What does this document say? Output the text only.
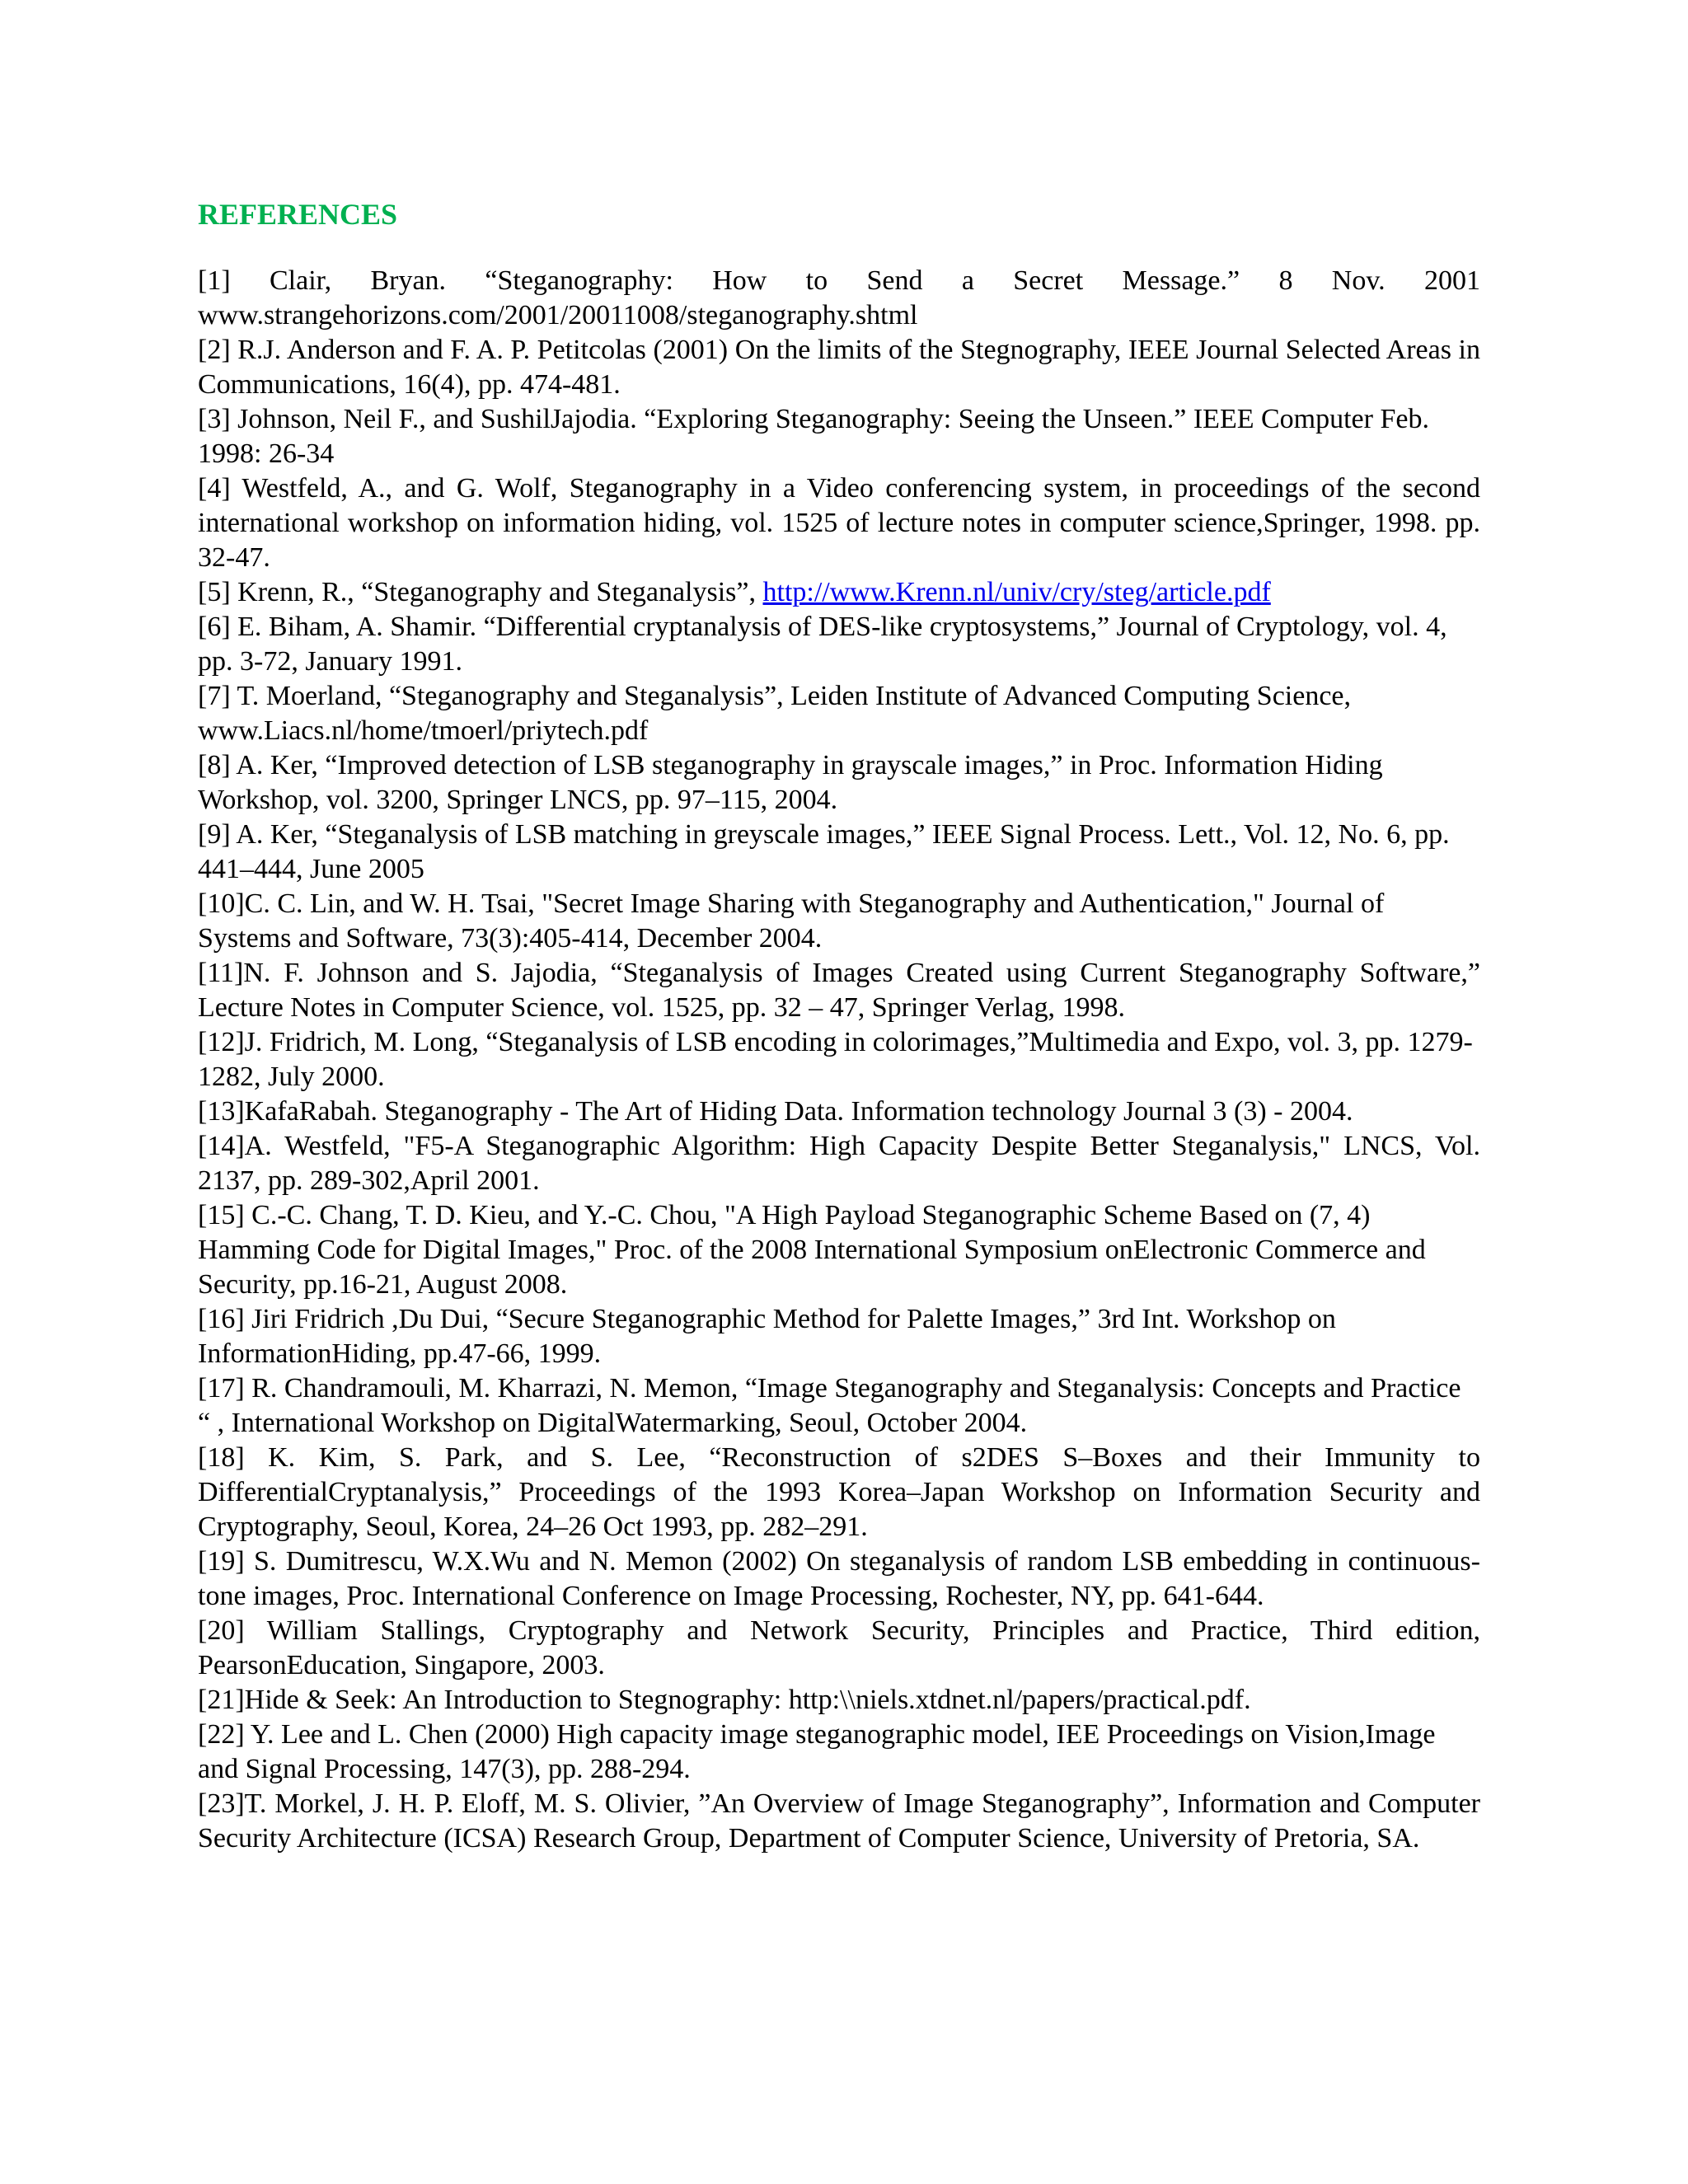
REFERENCES

[1] Clair, Bryan. “Steganography: How to Send a Secret Message.” 8 Nov. 2001 www.strangehorizons.com/2001/20011008/steganography.shtml

[2] R.J. Anderson and F. A. P. Petitcolas (2001) On the limits of the Stegnography, IEEE Journal Selected Areas in Communications, 16(4), pp. 474-481.

[3] Johnson, Neil F., and SushilJajodia. “Exploring Steganography: Seeing the Unseen.” IEEE Computer Feb. 1998: 26-34

[4] Westfeld, A., and G. Wolf, Steganography in a Video conferencing system, in proceedings of the second international workshop on information hiding, vol. 1525 of lecture notes in computer science,Springer, 1998. pp. 32-47.

[5] Krenn, R., “Steganography and Steganalysis”, http://www.Krenn.nl/univ/cry/steg/article.pdf

[6] E. Biham, A. Shamir. “Differential cryptanalysis of DES-like cryptosystems,” Journal of Cryptology, vol. 4, pp. 3-72, January 1991.

[7] T. Moerland, “Steganography and Steganalysis”, Leiden Institute of Advanced Computing Science, www.Liacs.nl/home/tmoerl/priytech.pdf

[8] A. Ker, “Improved detection of LSB steganography in grayscale images,” in Proc. Information Hiding Workshop, vol. 3200, Springer LNCS, pp. 97–115, 2004.

[9] A. Ker, “Steganalysis of LSB matching in greyscale images,” IEEE Signal Process. Lett., Vol. 12, No. 6, pp. 441–444, June 2005

[10]C. C. Lin, and W. H. Tsai, "Secret Image Sharing with Steganography and Authentication," Journal of Systems and Software, 73(3):405-414, December 2004.

[11]N. F. Johnson and S. Jajodia, “Steganalysis of Images Created using Current Steganography Software,” Lecture Notes in Computer Science, vol. 1525, pp. 32 – 47, Springer Verlag, 1998.

[12]J. Fridrich, M. Long, “Steganalysis of LSB encoding in colorimages,”Multimedia and Expo, vol. 3, pp. 1279-1282, July 2000.

[13]KafaRabah. Steganography - The Art of Hiding Data. Information technology Journal 3 (3) - 2004.

[14]A. Westfeld, "F5-A Steganographic Algorithm: High Capacity Despite Better Steganalysis," LNCS, Vol. 2137, pp. 289-302,April 2001.

[15] C.-C. Chang, T. D. Kieu, and Y.-C. Chou, "A High Payload Steganographic Scheme Based on (7, 4) Hamming Code for Digital Images," Proc. of the 2008 International Symposium onElectronic Commerce and Security, pp.16-21, August 2008.

[16] Jiri Fridrich ,Du Dui, “Secure Steganographic Method for Palette Images,” 3rd Int. Workshop on InformationHiding, pp.47-66, 1999.

[17] R. Chandramouli, M. Kharrazi, N. Memon, “Image Steganography and Steganalysis: Concepts and Practice “ , International Workshop on DigitalWatermarking, Seoul, October 2004.

[18] K. Kim, S. Park, and S. Lee, “Reconstruction of s2DES S–Boxes and their Immunity to DifferentialCryptanalysis,” Proceedings of the 1993 Korea–Japan Workshop on Information Security and Cryptography, Seoul, Korea, 24–26 Oct 1993, pp. 282–291.

[19] S. Dumitrescu, W.X.Wu and N. Memon (2002) On steganalysis of random LSB embedding in continuous-tone images, Proc. International Conference on Image Processing, Rochester, NY, pp. 641-644.

[20] William Stallings, Cryptography and Network Security, Principles and Practice, Third edition, PearsonEducation, Singapore, 2003.

[21]Hide & Seek: An Introduction to Stegnography: http:\\niels.xtdnet.nl/papers/practical.pdf.

[22] Y. Lee and L. Chen (2000) High capacity image steganographic model, IEE Proceedings on Vision,Image and Signal Processing, 147(3), pp. 288-294.

[23]T. Morkel, J. H. P. Eloff, M. S. Olivier, ”An Overview of Image Steganography”, Information and Computer Security Architecture (ICSA) Research Group, Department of Computer Science, University of Pretoria, SA.
